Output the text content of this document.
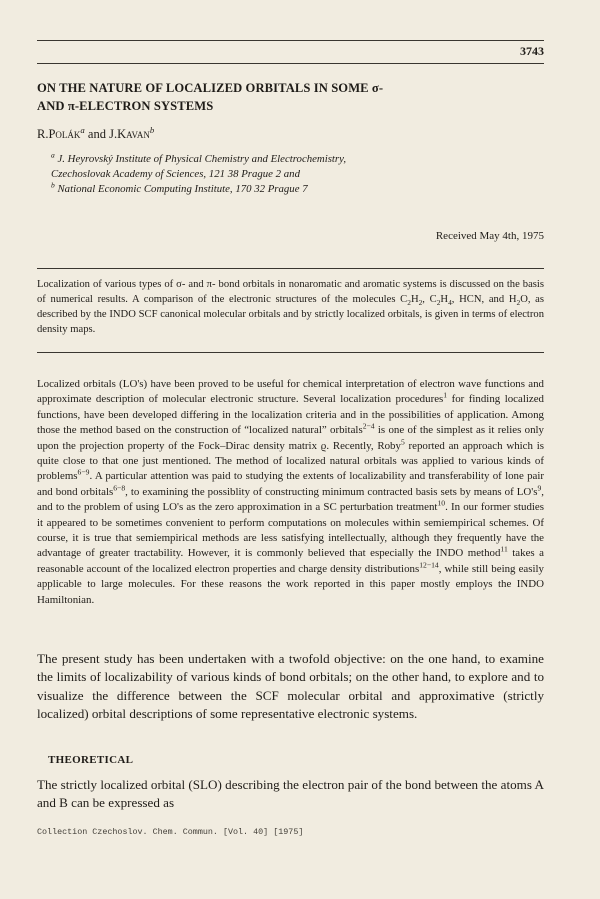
3743
ON THE NATURE OF LOCALIZED ORBITALS IN SOME σ-
AND π-ELECTRON SYSTEMS
R.Polák$^a$ and J.Kavan$^b$
$^a$ J. Heyrovský Institute of Physical Chemistry and Electrochemistry,
Czechoslovak Academy of Sciences, 121 38 Prague 2 and
$^b$ National Economic Computing Institute, 170 32 Prague 7
Received May 4th, 1975

Localization of various types of σ- and π- bond orbitals in nonaromatic and aromatic systems is discussed on the basis of numerical results. A comparison of the electronic structures of the molecules $C_2H_2$, $C_2H_4$, HCN, and $H_2O$, as described by the INDO SCF canonical molecular orbitals and by strictly localized orbitals, is given in terms of electron density maps.

Localized orbitals (LO's) have been proved to be useful for chemical interpretation of electron wave functions and approximate description of molecular electronic structure. Several localization procedures$^1$ for finding localized functions, have been developed differing in the localization criteria and in the possibilities of application. Among those the method based on the construction of “localized natural” orbitals$^{2-4}$ is one of the simplest as it relies only upon the projection property of the Fock–Dirac density matrix ϱ. Recently, Roby$^5$ reported an approach which is quite close to that one just mentioned. The method of localized natural orbitals was applied to various kinds of problems$^{6-9}$. A particular attention was paid to studying the extents of localizability and transferability of lone pair and bond orbitals$^{6-8}$, to examining the possiblity of constructing minimum contracted basis sets by means of $LO's^9$, and to the problem of using LO's as the zero approximation in a SC perturbation treatment$^{10}$. In our former studies it appeared to be sometimes convenient to perform computations on molecules within semiempirical schemes. Of course, it is true that semiempirical methods are less satisfying intellectually, although they frequently have the advantage of greater tractability. However, it is commonly believed that especially the INDO method$^{11}$ takes a reasonable account of the localized electron properties and charge density distributions$^{12-14}$, while still being easily applicable to large molecules. For these reasons the work reported in this paper mostly employs the INDO Hamiltonian.

The present study has been undertaken with a twofold objective: on the one hand, to examine the limits of localizability of various kinds of bond orbitals; on the other hand, to explore and to visualize the difference between the SCF molecular orbital and approximative (strictly localized) orbital descriptions of some representative electronic systems.

THEORETICAL

The strictly localized orbital (SLO) describing the electron pair of the bond between the atoms A and B can be expressed as

Collection Czechoslov. Chem. Commun. [Vol. 40] [1975]
